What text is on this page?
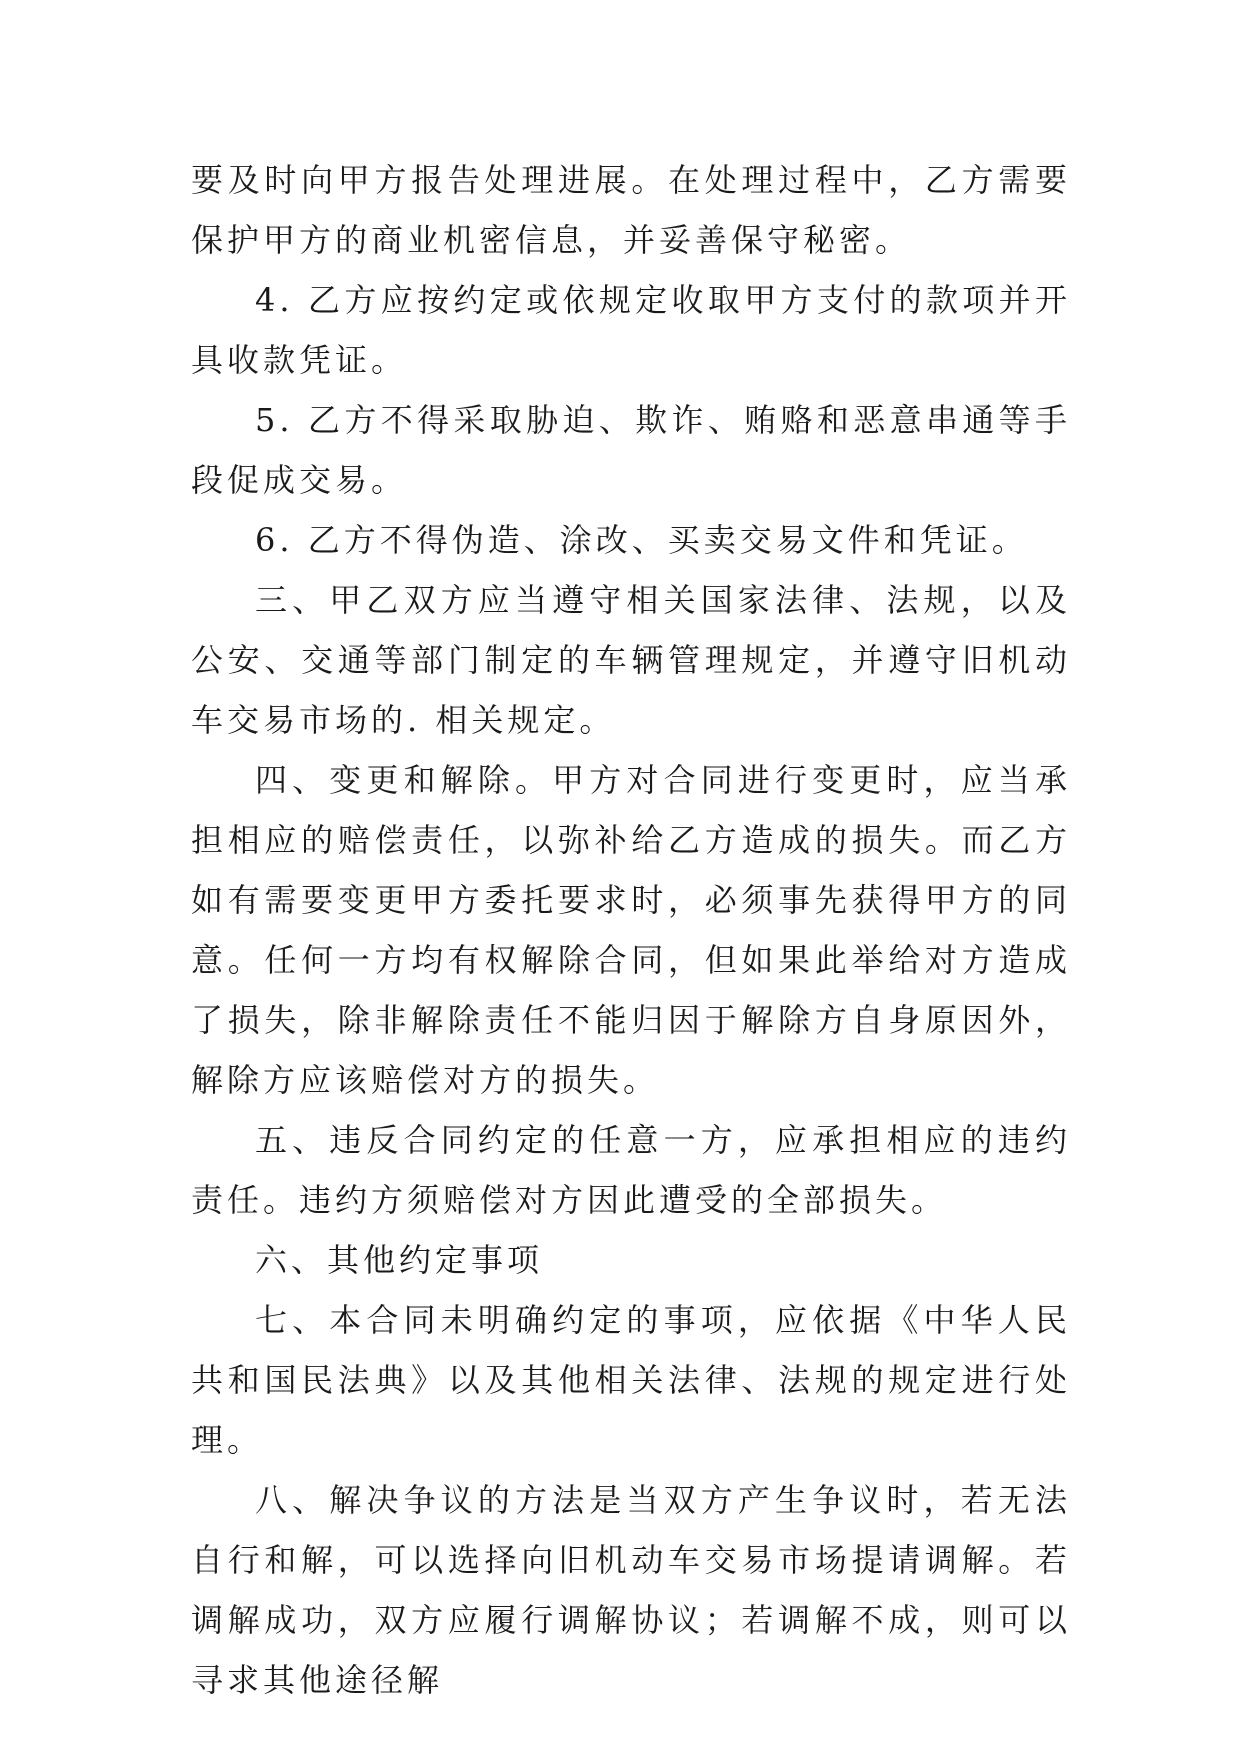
要及时向甲方报告处理进展。在处理过程中，乙方需要保护甲方的商业机密信息，并妥善保守秘密。

4. 乙方应按约定或依规定收取甲方支付的款项并开具收款凭证。

5. 乙方不得采取胁迫、欺诈、贿赂和恶意串通等手段促成交易。

6. 乙方不得伪造、涂改、买卖交易文件和凭证。

三、甲乙双方应当遵守相关国家法律、法规，以及公安、交通等部门制定的车辆管理规定，并遵守旧机动车交易市场的. 相关规定。

四、变更和解除。甲方对合同进行变更时，应当承担相应的赔偿责任，以弥补给乙方造成的损失。而乙方如有需要变更甲方委托要求时，必须事先获得甲方的同意。任何一方均有权解除合同，但如果此举给对方造成了损失，除非解除责任不能归因于解除方自身原因外，解除方应该赔偿对方的损失。

五、违反合同约定的任意一方，应承担相应的违约责任。违约方须赔偿对方因此遭受的全部损失。

六、其他约定事项

七、本合同未明确约定的事项，应依据《中华人民共和国民法典》以及其他相关法律、法规的规定进行处理。

八、解决争议的方法是当双方产生争议时，若无法自行和解，可以选择向旧机动车交易市场提请调解。若调解成功，双方应履行调解协议；若调解不成，则可以寻求其他途径解
